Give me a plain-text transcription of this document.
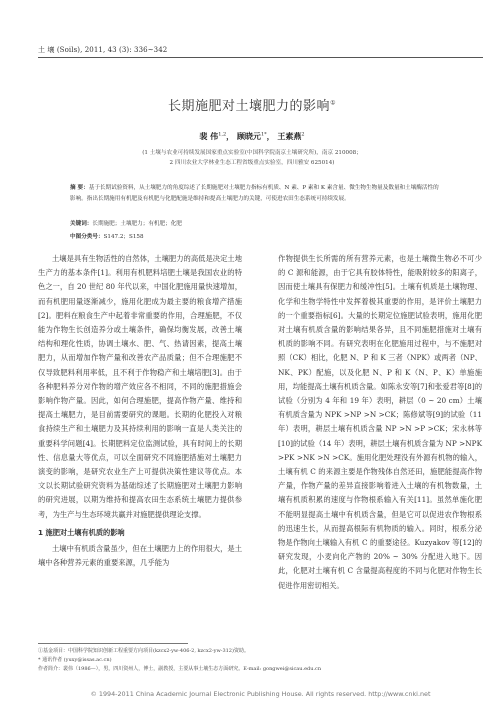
土 壤 (Soils), 2011, 43 (3): 336~342
长期施肥对土壤肥力的影响①
裴 伟$^{1,2}$， 顾晓元$^{1*}$， 王素燕$^2$
(1 土壤与农业可持续发展国家重点实验室(中国科学院南京土壤研究所)，南京 210008；
2 四川农业大学林业生态工程省级重点实验室，四川雅安 625014)
摘 要：基于长期试验资料，从土壤肥力的角度综述了长期施肥对土壤肥力指标有机质、N 素、P 素和 K 素含量、微生物生物量及数量和土壤酶活性的影响。指出长期施用有机肥及有机肥与化肥配施是维持和提高土壤肥力的关键，可使进农田生态系统可持续发展。
关键词：长期施肥；土壤肥力；有机肥；化肥
中图分类号：S147.2；S158

土壤是具有生物活性的自然体，土壤肥力的高低是决定土地生产力的基本条件[1]。利用有机肥料培肥土壤是我国农业的特色之一，自 20 世纪 80 年代以来，中国化肥施用量快速增加，而有机肥用量逐渐减少，施用化肥成为最主要的粮食增产措施[2]。肥料在粮食生产中起着非常重要的作用，合理施肥，不仅能为作物生长创造养分或土壤条件，确保均衡发展，改善土壤结构和理化性质，协调土壤水、肥、气、热请因素，提高土壤肥力，从而增加作物产量和改善农产品质量；但不合理施肥不仅导致肥料利用率低，且不利于作物稳产和土壤培肥[3]。由于各种肥料养分对作物的增产效应各不相同，不同的施肥措施会影响作物产量。因此，如何合理施肥，提高作物产量、维持和提高土壤肥力，是目前需要研究的课题。长期的化肥投入对粮食持续生产和土壤肥力及其持续利用的影响一直是人类关注的重要科学问题[4]。长期肥料定位监测试验，具有时间上的长期性、信息量大等优点，可以全面研究不同施肥措施对土壤肥力演变的影响，是研究农业生产上可提供决策性建议等优点。本文以长期试验研究资料为基础综述了长期施肥对土壤肥力影响的研究进展，以期为维持和提高农田生态系统土壤肥力提供参考，为生产与生态环境共赢并对施肥提供理论支撑。

1 施肥对土壤有机质的影响

土壤中有机质含量虽少，但在土壤肥力上的作用很大，是土壤中各种营养元素的重要来源，几乎能为

作物提供生长所需的所有营养元素，也是土壤微生物必不可少的 C 源和能源，由于它具有胶体特性，能吸附较多的阳离子，因而使土壤具有保肥力和缓冲性[5]。土壤有机质是土壤物理、化学和生物学特性中发挥着极其重要的作用，是评价土壤肥力的一个重要指标[6]。大量的长期定位施肥试验表明，施用化肥对土壤有机质含量的影响结果各异，且不同施肥措施对土壤有机质的影响不同。有研究表明在化肥施用过程中，与不施肥对照（CK）相比，化肥 N、P 和 K 三者（NPK）或两者（NP、NK、PK）配施，以及化肥 N、P 和 K（N、P、K）单施施用，均能提高土壤有机质含量。如陈永安等[7]和张爱君等[8]的试验（分别为 4 年和 19 年）表明，耕层（0 ~ 20 cm）土壤有机质含量为 NPK >NP >N >CK；陈修斌等[9]的试验（11 年）表明，耕层土壤有机质含量 NP >N >P >CK；宋永林等[10]的试验（14 年）表明，耕层土壤有机质含量为 NP >NPK >PK >NK >N >CK。施用化肥处理没有外源有机物的输入，土壤有机 C 的来源主要是作物残体自然还田，施肥能提高作物产量，作物产量的差异直接影响着进入土壤的有机物数量，土壤有机质积累的速度与作物根系输入有关[11]。虽然单施化肥不能明显提高土壤中有机质含量，但是它可以促进农作物根系的迅速生长，从而提高根际有机物质的输入。同时，根系分泌物是作物向土壤输入有机 C 的重要途径。Kuzyakov 等[12]的研究发现，小麦向化产物的 20% ~ 30% 分配进入地下。因此，化肥对土壤有机 C 含量提高程度的不同与化肥对作物生长促进作用密切相关。

①基金项目：中国科学院知识创新工程重要方向项目(kzcx2-yw-406-2, kzcx2-yw-312)资助。
* 通讯作者 (yuxy@issas.ac.cn)
作者简介：裴伟（1986—），男，四川资州人，博士，副教授，主要从事土壤生态方面研究。E-mail: gongwei@sicau.edu.cn
© 1994-2011 China Academic Journal Electronic Publishing House. All rights reserved. http://www.cnki.net
